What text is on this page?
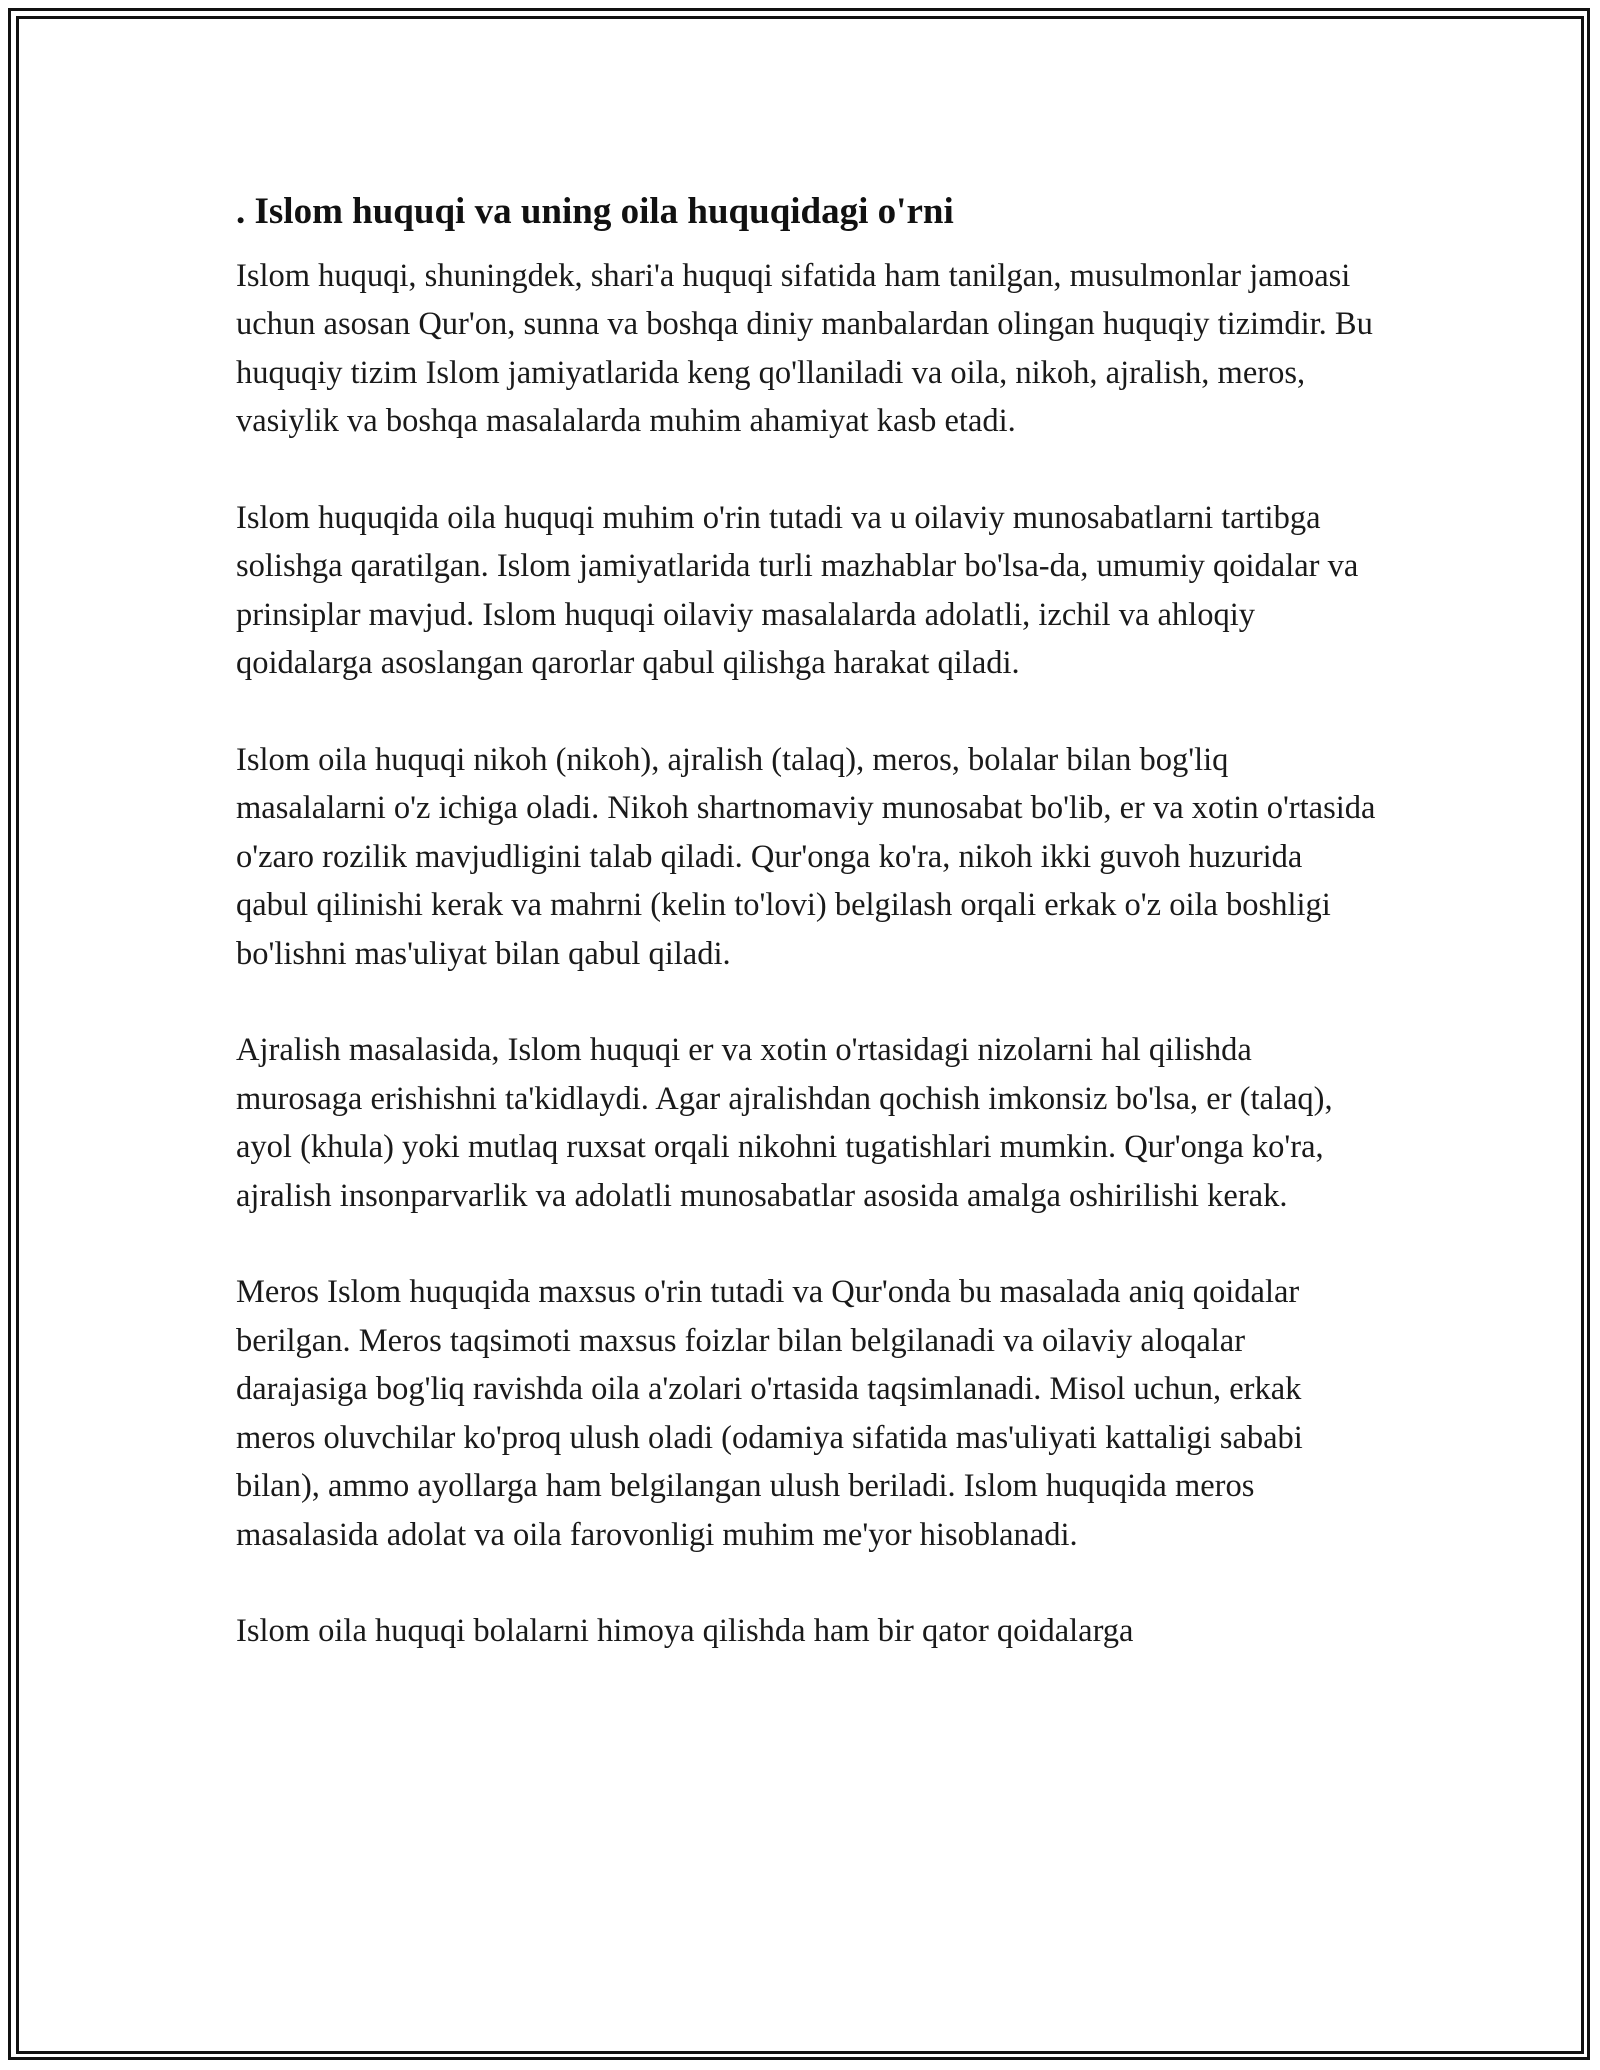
. Islom huquqi va uning oila huquqidagi o'rni

Islom huquqi, shuningdek, shari'a huquqi sifatida ham tanilgan, musulmonlar jamoasi uchun asosan Qur'on, sunna va boshqa diniy manbalardan olingan huquqiy tizimdir. Bu huquqiy tizim Islom jamiyatlarida keng qo'llaniladi va oila, nikoh, ajralish, meros, vasiylik va boshqa masalalarda muhim ahamiyat kasb etadi.

Islom huquqida oila huquqi muhim o'rin tutadi va u oilaviy munosabatlarni tartibga solishga qaratilgan. Islom jamiyatlarida turli mazhablar bo'lsa-da, umumiy qoidalar va prinsiplar mavjud. Islom huquqi oilaviy masalalarda adolatli, izchil va ahloqiy qoidalarga asoslangan qarorlar qabul qilishga harakat qiladi.

Islom oila huquqi nikoh (nikoh), ajralish (talaq), meros, bolalar bilan bog'liq masalalarni o'z ichiga oladi. Nikoh shartnomaviy munosabat bo'lib, er va xotin o'rtasida o'zaro rozilik mavjudligini talab qiladi. Qur'onga ko'ra, nikoh ikki guvoh huzurida qabul qilinishi kerak va mahrni (kelin to'lovi) belgilash orqali erkak o'z oila boshligi bo'lishni mas'uliyat bilan qabul qiladi.

Ajralish masalasida, Islom huquqi er va xotin o'rtasidagi nizolarni hal qilishda murosaga erishishni ta'kidlaydi. Agar ajralishdan qochish imkonsiz bo'lsa, er (talaq), ayol (khula) yoki mutlaq ruxsat orqali nikohni tugatishlari mumkin. Qur'onga ko'ra, ajralish insonparvarlik va adolatli munosabatlar asosida amalga oshirilishi kerak.

Meros Islom huquqida maxsus o'rin tutadi va Qur'onda bu masalada aniq qoidalar berilgan. Meros taqsimoti maxsus foizlar bilan belgilanadi va oilaviy aloqalar darajasiga bog'liq ravishda oila a'zolari o'rtasida taqsimlanadi. Misol uchun, erkak meros oluvchilar ko'proq ulush oladi (odamiya sifatida mas'uliyati kattaligi sababi bilan), ammo ayollarga ham belgilangan ulush beriladi. Islom huquqida meros masalasida adolat va oila farovonligi muhim me'yor hisoblanadi.

Islom oila huquqi bolalarni himoya qilishda ham bir qator qoidalarga
